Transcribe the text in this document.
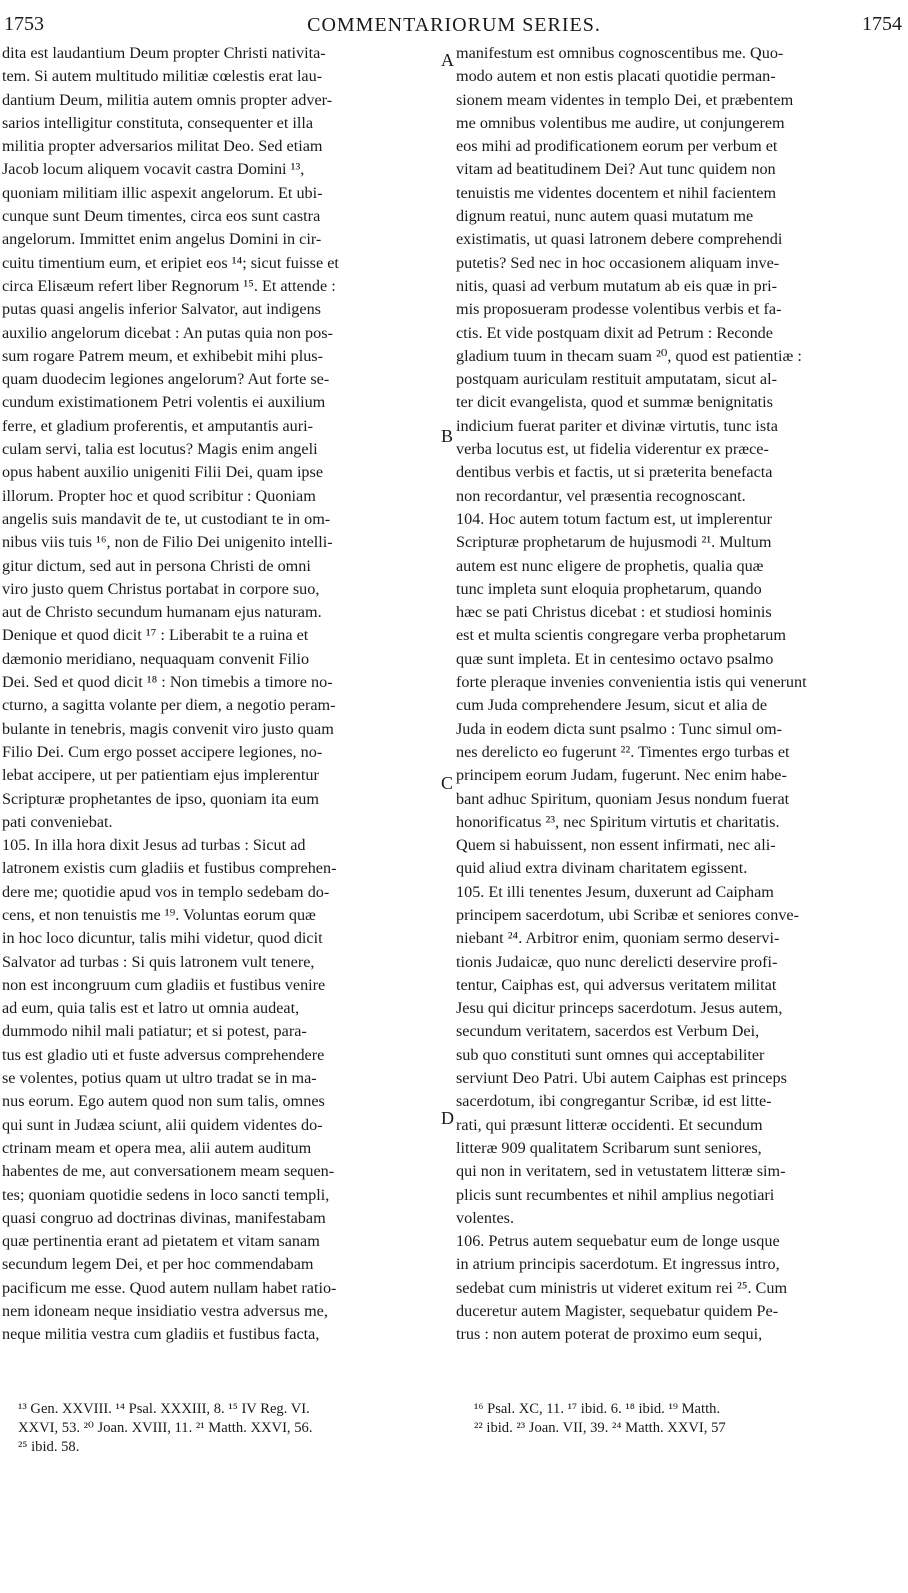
1753	COMMENTARIORUM SERIES.	1754
dita est laudantium Deum propter Christi nativita-
tem. Si autem multitudo militiæ cœlestis erat lau-
dantium Deum, militia autem omnis propter adver-
sarios intelligitur constituta, consequenter et illa
militia propter adversarios militat Deo. Sed etiam
Jacob locum aliquem vocavit castra Domini ¹³,
quoniam militiam illic aspexit angelorum. Et ubi-
cunque sunt Deum timentes, circa eos sunt castra
angelorum. Immittet enim angelus Domini in cir-
cuitu timentium eum, et eripiet eos ¹⁴; sicut fuisse et
circa Elisæum refert liber Regnorum ¹⁵. Et attende :
putas quasi angelis inferior Salvator, aut indigens
auxilio angelorum dicebat : An putas quia non pos-
sum rogare Patrem meum, et exhibebit mihi plus-
quam duodecim legiones angelorum? Aut forte se-
cundum existimationem Petri volentis ei auxilium
ferre, et gladium proferentis, et amputantis auri-
culam servi, talia est locutus? Magis enim angeli
opus habent auxilio unigeniti Filii Dei, quam ipse
illorum. Propter hoc et quod scribitur : Quoniam
angelis suis mandavit de te, ut custodiant te in om-
nibus viis tuis ¹⁶, non de Filio Dei unigenito intelli-
gitur dictum, sed aut in persona Christi de omni
viro justo quem Christus portabat in corpore suo,
aut de Christo secundum humanam ejus naturam.
Denique et quod dicit ¹⁷ : Liberabit te a ruina et
dæmonio meridiano, nequaquam convenit Filio
Dei. Sed et quod dicit ¹⁸ : Non timebis a timore no-
cturno, a sagitta volante per diem, a negotio peram-
bulante in tenebris, magis convenit viro justo quam
Filio Dei. Cum ergo posset accipere legiones, no-
lebat accipere, ut per patientiam ejus implerentur
Scripturæ prophetantes de ipso, quoniam ita eum
pati conveniebat.
105. In illa hora dixit Jesus ad turbas : Sicut ad
latronem existis cum gladiis et fustibus comprehen-
dere me; quotidie apud vos in templo sedebam do-
cens, et non tenuistis me ¹⁹. Voluntas eorum quæ
in hoc loco dicuntur, talis mihi videtur, quod dicit
Salvator ad turbas : Si quis latronem vult tenere,
non est incongruum cum gladiis et fustibus venire
ad eum, quia talis est et latro ut omnia audeat,
dummodo nihil mali patiatur; et si potest, para-
tus est gladio uti et fuste adversus comprehendere
se volentes, potius quam ut ultro tradat se in ma-
nus eorum. Ego autem quod non sum talis, omnes
qui sunt in Judæa sciunt, alii quidem videntes do-
ctrinam meam et opera mea, alii autem auditum
habentes de me, aut conversationem meam sequen-
tes; quoniam quotidie sedens in loco sancti templi,
quasi congruo ad doctrinas divinas, manifestabam
quæ pertinentia erant ad pietatem et vitam sanam
secundum legem Dei, et per hoc commendabam
pacificum me esse. Quod autem nullam habet ratio-
nem idoneam neque insidiatio vestra adversus me,
neque militia vestra cum gladiis et fustibus facta,
manifestum est omnibus cognoscentibus me. Quo-
modo autem et non estis placati quotidie perman-
sionem meam videntes in templo Dei, et præbentem
me omnibus volentibus me audire, ut conjungerem
eos mihi ad prodificationem eorum per verbum et
vitam ad beatitudinem Dei? Aut tunc quidem non
tenuistis me videntes docentem et nihil facientem
dignum reatui, nunc autem quasi mutatum me
existimatis, ut quasi latronem debere comprehendi
putetis? Sed nec in hoc occasionem aliquam inve-
nitis, quasi ad verbum mutatum ab eis quæ in pri-
mis proposueram prodesse volentibus verbis et fa-
ctis. Et vide postquam dixit ad Petrum : Reconde
gladium tuum in thecam suam ²⁰, quod est patientiæ :
postquam auriculam restituit amputatam, sicut al-
ter dicit evangelista, quod et summæ benignitatis
indicium fuerat pariter et divinæ virtutis, tunc ista
verba locutus est, ut fidelia viderentur ex præce-
dentibus verbis et factis, ut si præterita benefacta
non recordantur, vel præsentia recognoscant.
104. Hoc autem totum factum est, ut implerentur
Scripturæ prophetarum de hujusmodi ²¹. Multum
autem est nunc eligere de prophetis, qualia quæ
tunc impleta sunt eloquia prophetarum, quando
hæc se pati Christus dicebat : et studiosi hominis
est et multa scientis congregare verba prophetarum
quæ sunt impleta. Et in centesimo octavo psalmo
forte pleraque invenies convenientia istis qui venerunt
cum Juda comprehendere Jesum, sicut et alia de
Juda in eodem dicta sunt psalmo : Tunc simul om-
nes derelicto eo fugerunt ²². Timentes ergo turbas et
principem eorum Judam, fugerunt. Nec enim habe-
bant adhuc Spiritum, quoniam Jesus nondum fuerat
honorificatus ²³, nec Spiritum virtutis et charitatis.
Quem si habuissent, non essent infirmati, nec ali-
quid aliud extra divinam charitatem egissent.
105. Et illi tenentes Jesum, duxerunt ad Caipham
principem sacerdotum, ubi Scribæ et seniores conve-
niebant ²⁴. Arbitror enim, quoniam sermo deservi-
tionis Judaicæ, quo nunc derelicti deservire profi-
tentur, Caiphas est, qui adversus veritatem militat
Jesu qui dicitur princeps sacerdotum. Jesus autem,
secundum veritatem, sacerdos est Verbum Dei,
sub quo constituti sunt omnes qui acceptabiliter
serviunt Deo Patri. Ubi autem Caiphas est princeps
sacerdotum, ibi congregantur Scribæ, id est litte-
rati, qui præsunt litteræ occidenti. Et secundum
litteræ 909 qualitatem Scribarum sunt seniores,
qui non in veritatem, sed in vetustatem litteræ sim-
plicis sunt recumbentes et nihil amplius negotiari
volentes.
106. Petrus autem sequebatur eum de longe usque
in atrium principis sacerdotum. Et ingressus intro,
sedebat cum ministris ut videret exitum rei ²⁵. Cum
duceretur autem Magister, sequebatur quidem Pe-
trus : non autem poterat de proximo eum sequi,
A
B
C
D
¹³ Gen. XXVIII. ¹⁴ Psal. XXXIII, 8. ¹⁵ IV Reg. VI.
XXVI, 53. ²⁰ Joan. XVIII, 11. ²¹ Matth. XXVI, 56.
²⁵ ibid. 58.
¹⁶ Psal. XC, 11. ¹⁷ ibid. 6. ¹⁸ ibid. ¹⁹ Matth.
²² ibid. ²³ Joan. VII, 39. ²⁴ Matth. XXVI, 57
